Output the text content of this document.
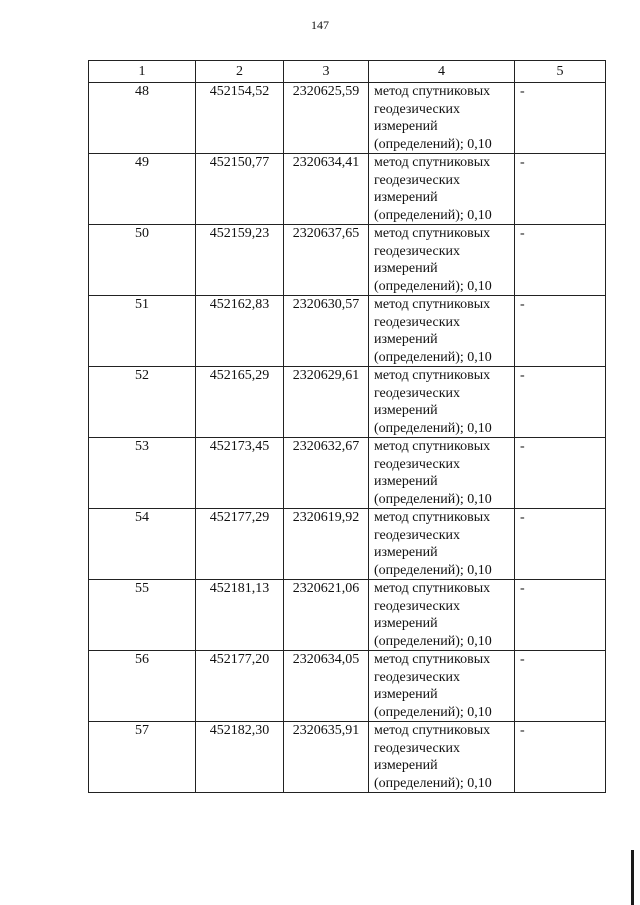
147
1	2	3	4	5
48	452154,52	2320625,59	метод спутниковых
геодезических
измерений
(определений); 0,10	-
49	452150,77	2320634,41	метод спутниковых
геодезических
измерений
(определений); 0,10	-
50	452159,23	2320637,65	метод спутниковых
геодезических
измерений
(определений); 0,10	-
51	452162,83	2320630,57	метод спутниковых
геодезических
измерений
(определений); 0,10	-
52	452165,29	2320629,61	метод спутниковых
геодезических
измерений
(определений); 0,10	-
53	452173,45	2320632,67	метод спутниковых
геодезических
измерений
(определений); 0,10	-
54	452177,29	2320619,92	метод спутниковых
геодезических
измерений
(определений); 0,10	-
55	452181,13	2320621,06	метод спутниковых
геодезических
измерений
(определений); 0,10	-
56	452177,20	2320634,05	метод спутниковых
геодезических
измерений
(определений); 0,10	-
57	452182,30	2320635,91	метод спутниковых
геодезических
измерений
(определений); 0,10	-
